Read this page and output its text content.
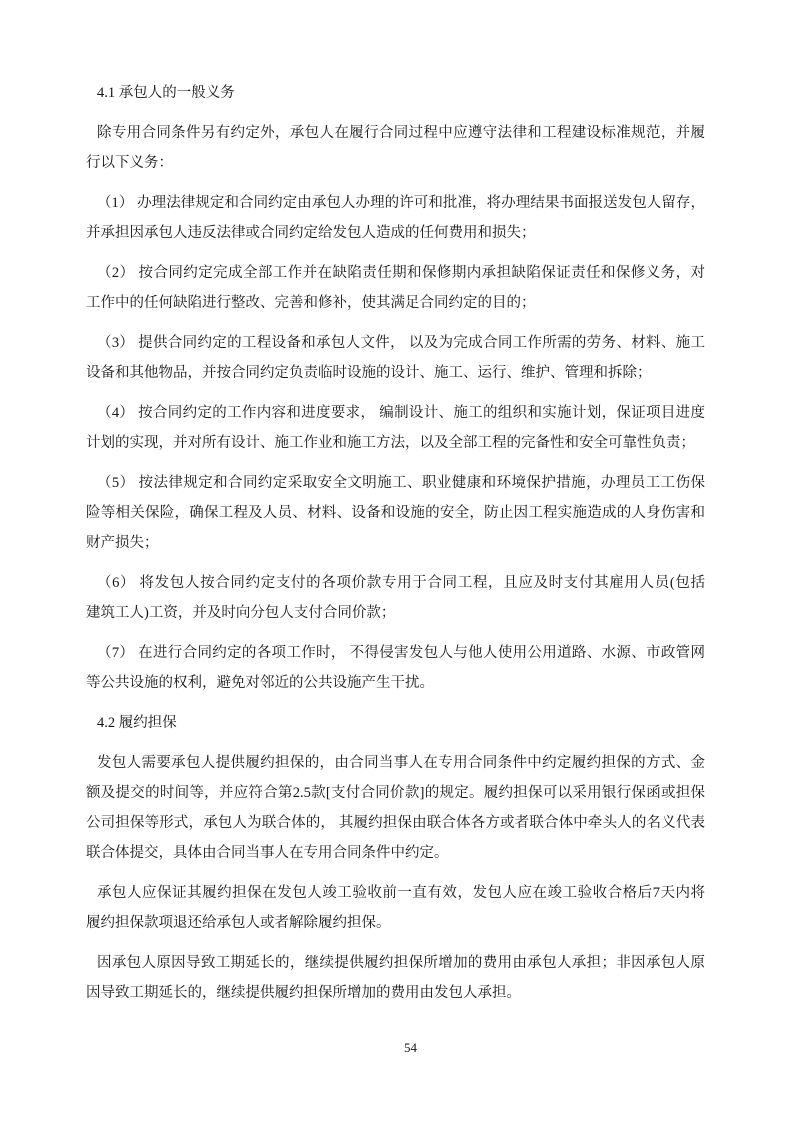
4.1 承包人的一般义务
除专用合同条件另有约定外，承包人在履行合同过程中应遵守法律和工程建设标准规范，并履
行以下义务：
（1） 办理法律规定和合同约定由承包人办理的许可和批准，将办理结果书面报送发包人留存，
并承担因承包人违反法律或合同约定给发包人造成的任何费用和损失；
（2） 按合同约定完成全部工作并在缺陷责任期和保修期内承担缺陷保证责任和保修义务，对
工作中的任何缺陷进行整改、完善和修补，使其满足合同约定的目的；
（3） 提供合同约定的工程设备和承包人文件， 以及为完成合同工作所需的劳务、材料、施工
设备和其他物品，并按合同约定负责临时设施的设计、施工、运行、维护、管理和拆除；
（4） 按合同约定的工作内容和进度要求， 编制设计、施工的组织和实施计划，保证项目进度
计划的实现，并对所有设计、施工作业和施工方法，以及全部工程的完备性和安全可靠性负责；
（5） 按法律规定和合同约定采取安全文明施工、职业健康和环境保护措施，办理员工工伤保
险等相关保险，确保工程及人员、材料、设备和设施的安全，防止因工程实施造成的人身伤害和
财产损失；
（6） 将发包人按合同约定支付的各项价款专用于合同工程，且应及时支付其雇用人员(包括
建筑工人)工资，并及时向分包人支付合同价款；
（7） 在进行合同约定的各项工作时， 不得侵害发包人与他人使用公用道路、水源、市政管网
等公共设施的权利，避免对邻近的公共设施产生干扰。
4.2 履约担保
发包人需要承包人提供履约担保的，由合同当事人在专用合同条件中约定履约担保的方式、金
额及提交的时间等，并应符合第2.5款[支付合同价款]的规定。履约担保可以采用银行保函或担保
公司担保等形式，承包人为联合体的， 其履约担保由联合体各方或者联合体中牵头人的名义代表
联合体提交，具体由合同当事人在专用合同条件中约定。
承包人应保证其履约担保在发包人竣工验收前一直有效，发包人应在竣工验收合格后7天内将
履约担保款项退还给承包人或者解除履约担保。
因承包人原因导致工期延长的，继续提供履约担保所增加的费用由承包人承担；非因承包人原
因导致工期延长的，继续提供履约担保所增加的费用由发包人承担。
54
